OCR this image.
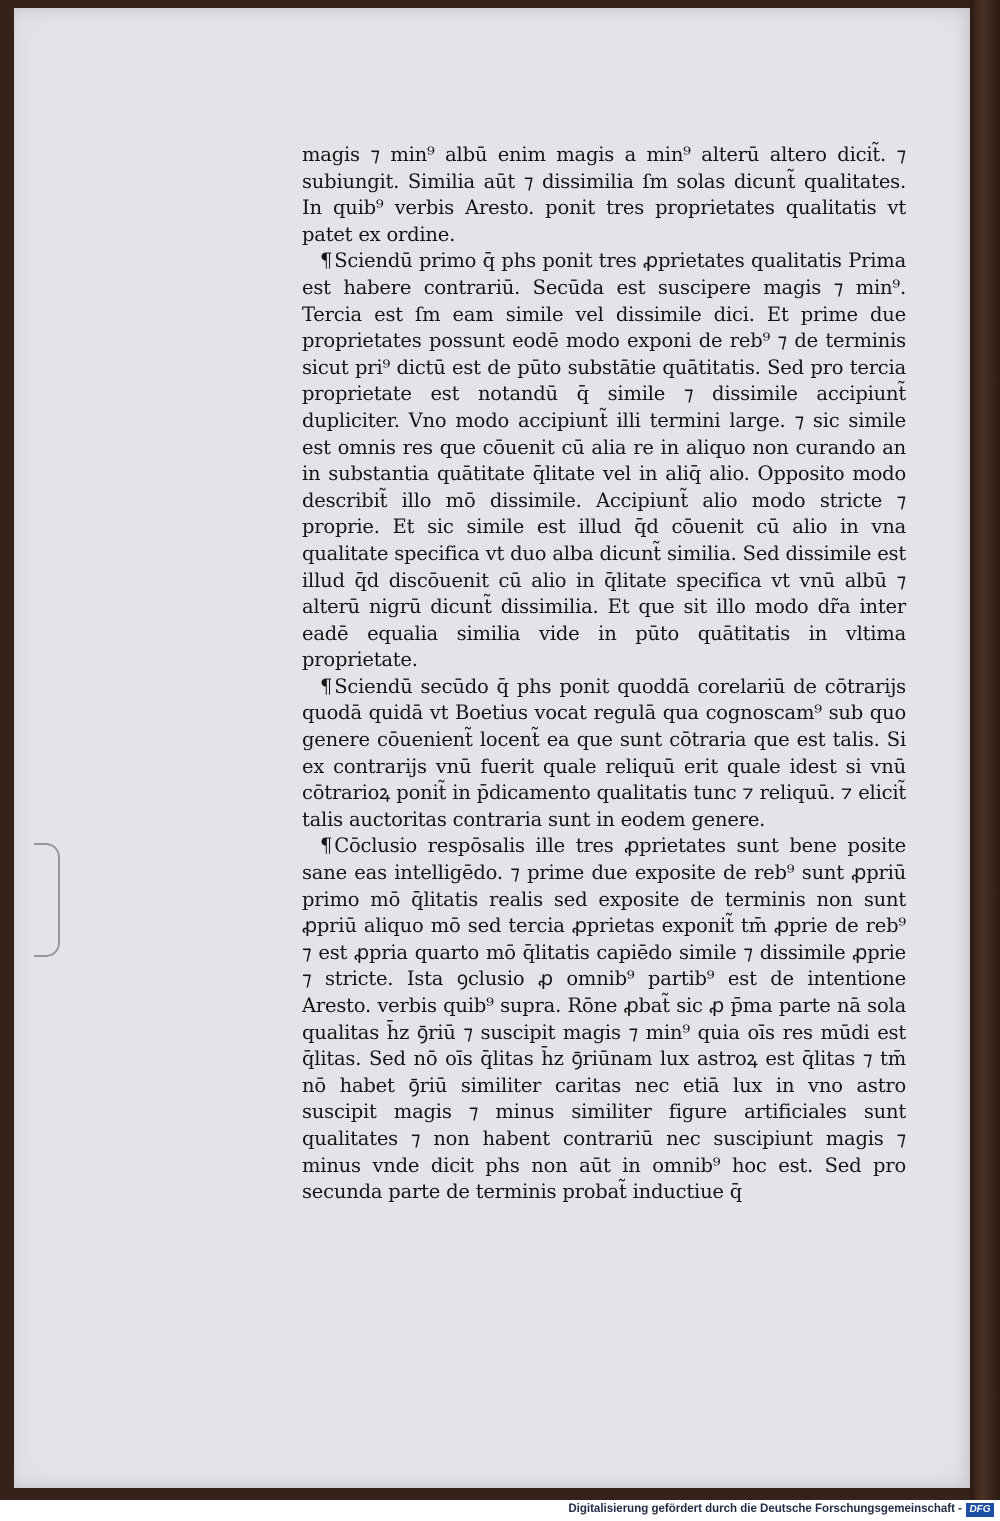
magis ⁊ min⁹ albū enim magis a min⁹ alterū altero dicit̃. ⁊ subiungit. Similia aūt ⁊ dissimilia ſm solas dicunt̃ qualitates. In quib⁹ verbis Aresto. ponit tres proprietates qualitatis vt patet ex ordine.

¶ Sciendū primo q̄ phs ponit tres ꝓprietates qualitatis Prima est habere contrariū. Secūda est suscipere magis ⁊ min⁹. Tercia est ſm eam simile vel dissimile dici. Et prime due proprietates possunt eodē modo exponi de reb⁹ ⁊ de terminis sicut pri⁹ dictū est de pūto substātie quātitatis. Sed pro tercia proprietate est notandū q̄ simile ⁊ dissimile accipiunt̃ dupliciter. Vno modo accipiunt̃ illi termini large. ⁊ sic simile est omnis res que cōuenit cū alia re in aliquo non curando an in substantia quātitate q̄litate vel in aliq̄ alio. Opposito modo describit̃ illo mō dissimile. Accipiunt̃ alio modo stricte ⁊ proprie. Et sic simile est illud q̄d cōuenit cū alio in vna qualitate specifica vt duo alba dicunt̃ similia. Sed dissimile est illud q̄d discōuenit cū alio in q̄litate specifica vt vnū albū ⁊ alterū nigrū dicunt̃ dissimilia. Et que sit illo modo dr̃a inter eadē equalia similia vide in pūto quātitatis in vltima proprietate.

¶ Sciendū secūdo q̄ phs ponit quoddā corelariū de cōtrarijs quodā quidā vt Boetius vocat regulā qua cognoscam⁹ sub quo genere cōuenient̃ locent̃ ea que sunt cōtraria que est talis. Si ex contrarijs vnū fuerit quale reliquū erit quale idest si vnū cōtrarioꝝ ponit̃ in p̄dicamento qualitatis tunc ⁊ reliquū. ⁊ elicit̃ talis auctoritas contraria sunt in eodem genere.

¶ Cōclusio respōsalis ille tres ꝓprietates sunt bene posite sane eas intelligēdo. ⁊ prime due exposite de reb⁹ sunt ꝓpriū primo mō q̄litatis realis sed exposite de terminis non sunt ꝓpriū aliquo mō sed tercia ꝓprietas exponit̃ tm̄ ꝓprie de reb⁹ ⁊ est ꝓpria quarto mō q̄litatis capiēdo simile ⁊ dissimile ꝓprie ⁊ stricte. Ista ꝯclusio ꝓ omnib⁹ partib⁹ est de intentione Aresto. verbis quib⁹ supra. Rōne ꝓbat̃ sic ꝓ p̄ma parte nā sola qualitas h̄z ꝯ̄riū ⁊ suscipit magis ⁊ min⁹ quia oīs res mūdi est q̄litas. Sed nō oīs q̄litas h̄z ꝯ̄riūnam lux astroꝝ est q̄litas ⁊ tm̄ nō habet ꝯ̄riū similiter caritas nec etiā lux in vno astro suscipit magis ⁊ minus similiter figure artificiales sunt qualitates ⁊ non habent contrariū nec suscipiunt magis ⁊ minus vnde dicit phs non aūt in omnib⁹ hoc est. Sed pro secunda parte de terminis probat̃ inductiue q̄

Digitalisierung gefördert durch die Deutsche Forschungsgemeinschaft - DFG
